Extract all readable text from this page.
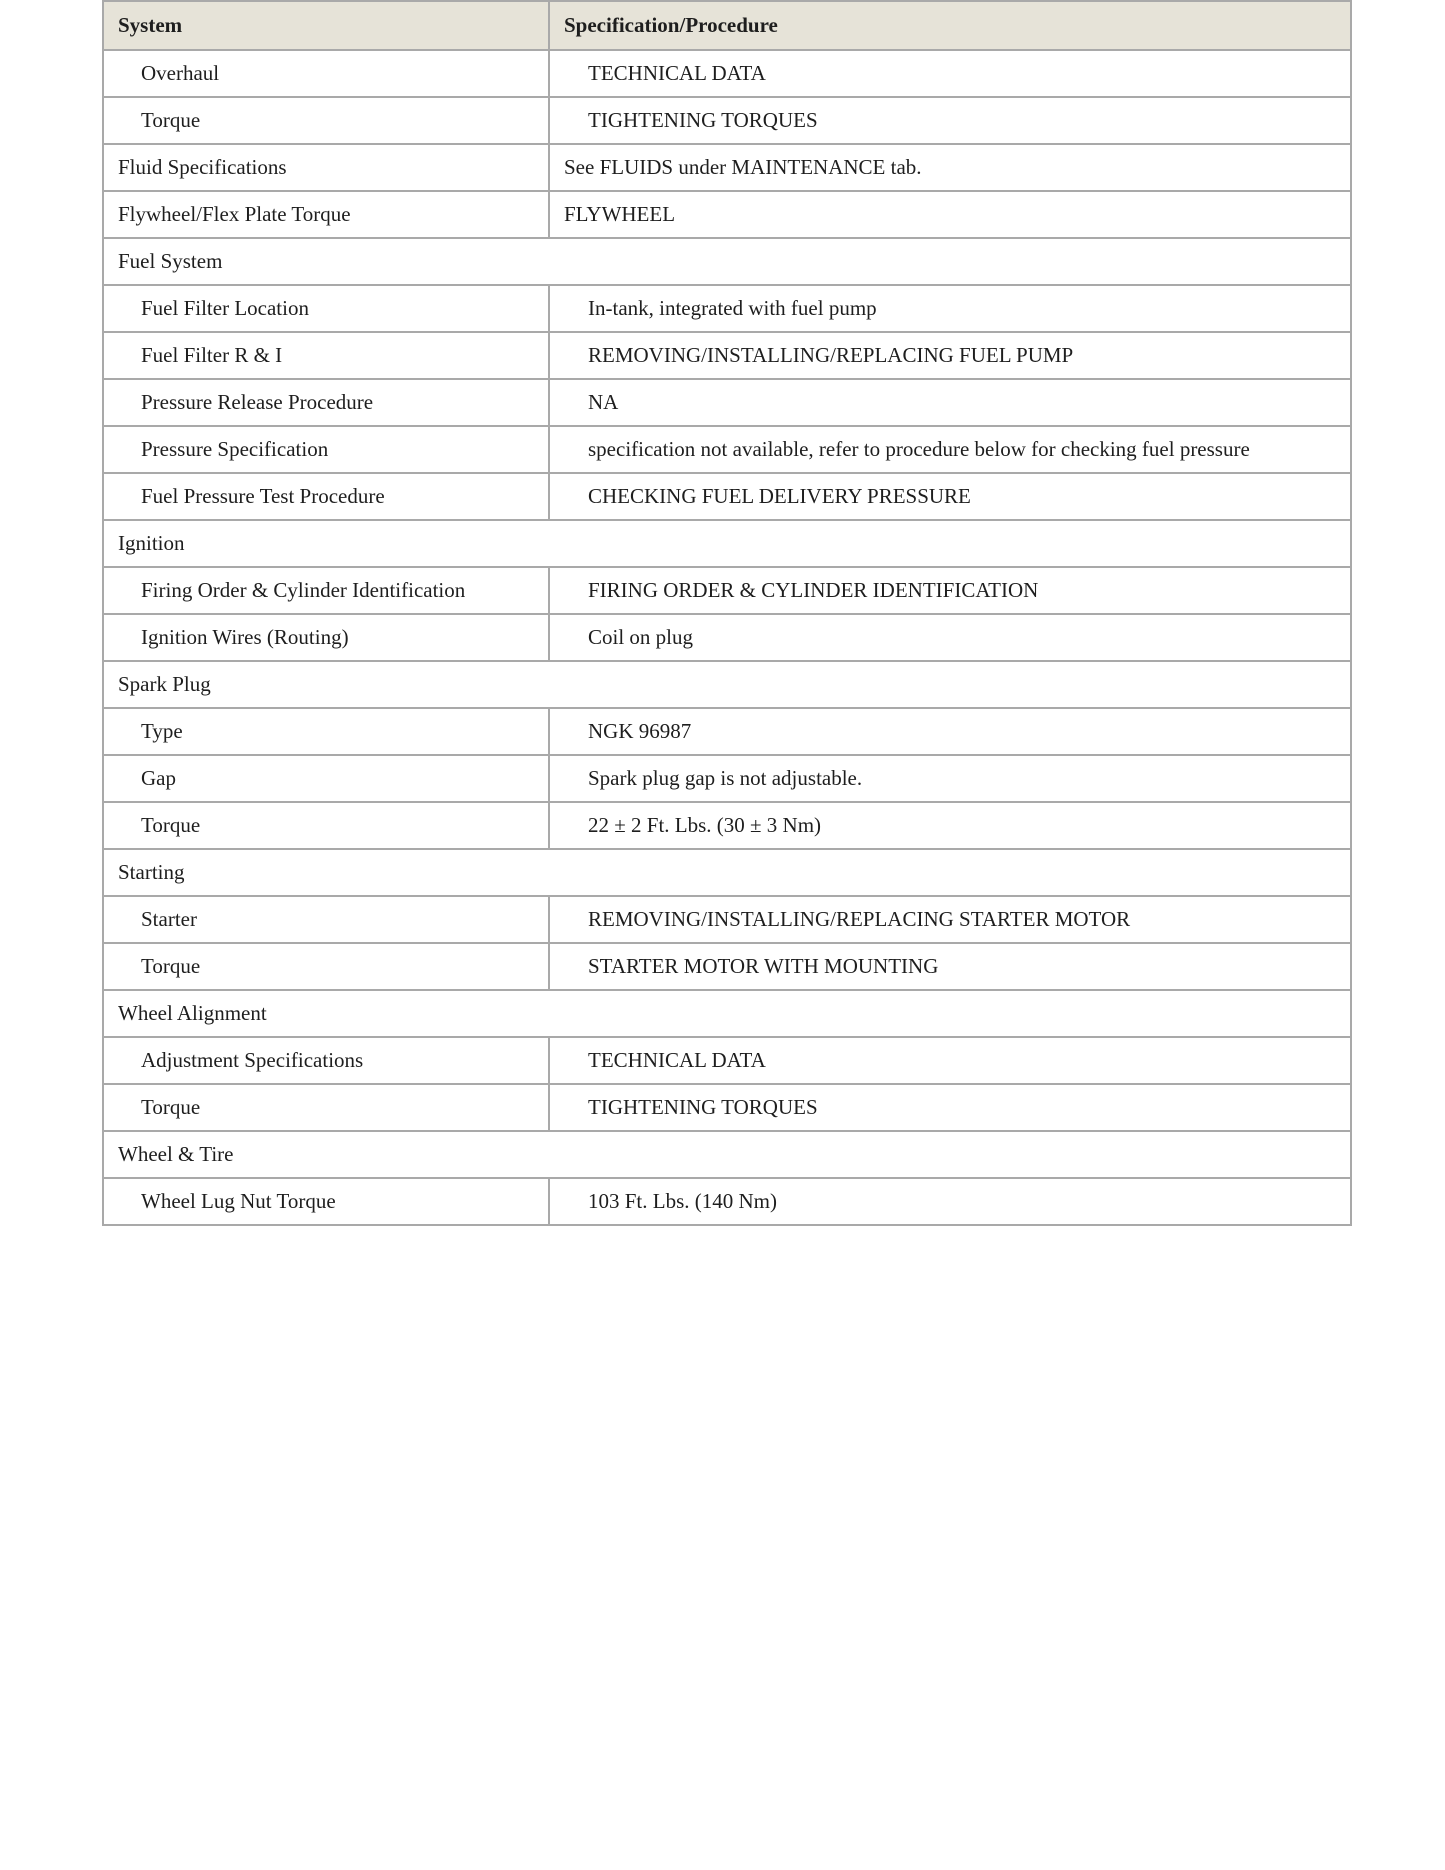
System	Specification/Procedure
Overhaul	TECHNICAL DATA
Torque	TIGHTENING TORQUES
Fluid Specifications	See FLUIDS under MAINTENANCE tab.
Flywheel/Flex Plate Torque	FLYWHEEL
Fuel System	
Fuel Filter Location	In-tank, integrated with fuel pump
Fuel Filter R & I	REMOVING/INSTALLING/REPLACING FUEL PUMP
Pressure Release Procedure	NA
Pressure Specification	specification not available, refer to procedure below for checking fuel pressure
Fuel Pressure Test Procedure	CHECKING FUEL DELIVERY PRESSURE
Ignition	
Firing Order & Cylinder Identification	FIRING ORDER & CYLINDER IDENTIFICATION
Ignition Wires (Routing)	Coil on plug
Spark Plug	
Type	NGK 96987
Gap	Spark plug gap is not adjustable.
Torque	22 ± 2 Ft. Lbs. (30 ± 3 Nm)
Starting	
Starter	REMOVING/INSTALLING/REPLACING STARTER MOTOR
Torque	STARTER MOTOR WITH MOUNTING
Wheel Alignment	
Adjustment Specifications	TECHNICAL DATA
Torque	TIGHTENING TORQUES
Wheel & Tire	
Wheel Lug Nut Torque	103 Ft. Lbs. (140 Nm)
